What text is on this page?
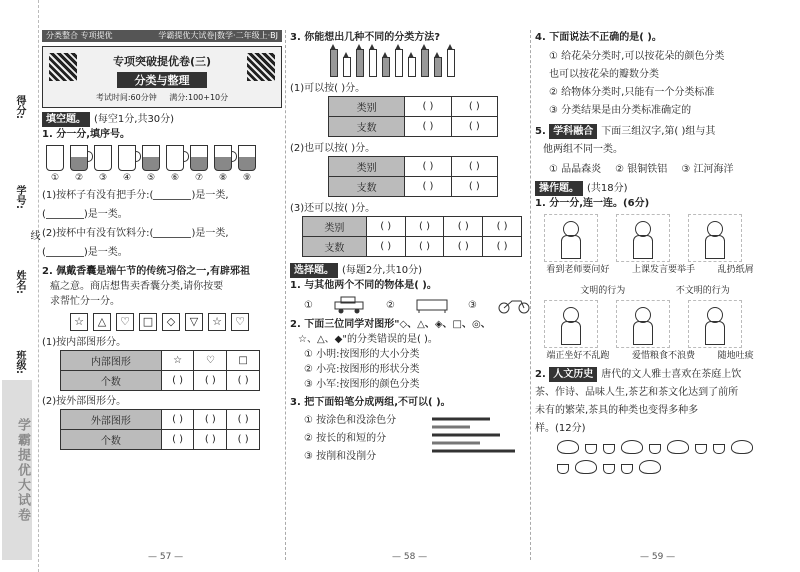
得分:
学号:
姓名:
班级:
线
学霸提优大试卷
分类整合 专项提优	学霸提优大试卷|数学·二年级上·BJ
专项突破提优卷(三)
分类与整理
考试时间:60分钟 满分:100+10分

填空题。 (每空1分,共30分)

1. 分一分,填序号。

①	②	③	④	⑤	⑥	⑦	⑧	⑨

(1)按杯子有没有把手分:(	)是一类,

(	)是一类。

(2)按杯中有没有饮料分:(	)是一类,

(	)是一类。

2. 佩戴香囊是端午节的传统习俗之一,有辟邪祖

瘟之意。商店想售卖香囊分类,请你按要

求帮忙分一分。

☆	△	♡	□	◇	▽	☆	♡

(1)按内部图形分。

内部图形	☆	♡	□
个数	( )	( )	( )

(2)按外部图形分。

外部图形	( )	( )	( )
个数	( )	( )	( )

3. 你能想出几种不同的分类方法?

(1)可以按( )分。

类别	( )	( )
支数	( )	( )

(2)也可以按( )分。

类别	( )	( )
支数	( )	( )

(3)还可以按( )分。

类别	( )	( )	( )	( )
支数	( )	( )	( )	( )

选择题。 (每题2分,共10分)

1. 与其他两个不同的物体是( )。

①	②	③

2. 下面三位同学对图形"◇、△、◈、□、◎、

☆、△、◆"的分类错误的是( )。

① 小明:按图形的大小分类

② 小亮:按图形的形状分类

③ 小军:按图形的颜色分类

3. 把下面铅笔分成两组,不可以( )。

① 按涂色和没涂色分

② 按长的和短的分

③ 按削和没削分

4. 下面说法不正确的是( )。

① 给花朵分类时,可以按花朵的颜色分类

也可以按花朵的瓣数分类

② 给物体分类时,只能有一个分类标准

③ 分类结果是由分类标准确定的

5. 学科融合 下面三组汉字,第( )组与其

他两组不同一类。

① 品晶森炎 ② 银铜铁铝 ③ 江河海洋

操作题。 (共18分)

1. 分一分,连一连。(6分)

看到老师要问好	上课发言要举手	乱扔纸屑
文明的行为	不文明的行为
端正坐好不乱跑	爱惜粮食不浪费	随地吐痰

2. 人文历史 唐代的文人雅士喜欢在茶庭上饮

茶、作诗、品味人生,茶艺和茶文化达到了前所

未有的繁荣,茶具的种类也变得多种多

样。(12分)

— 57 —	— 58 —	— 59 —
